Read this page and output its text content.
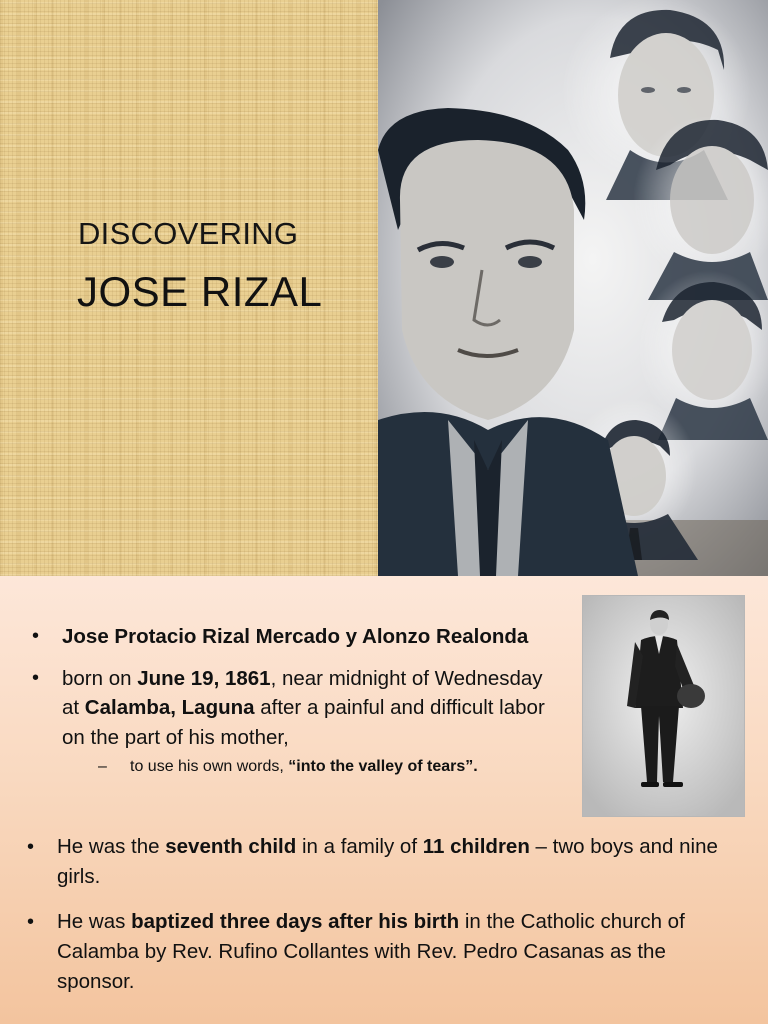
DISCOVERING
JOSE RIZAL
• Jose Protacio Rizal Mercado y Alonzo Realonda
• born on June 19, 1861, near midnight of Wednesday at Calamba, Laguna after a painful and difficult labor on the part of his mother,
– to use his own words, “into the valley of tears”.
• He was the seventh child in a family of 11 children – two boys and nine girls.
• He was baptized three days after his birth in the Catholic church of Calamba by Rev. Rufino Collantes with Rev. Pedro Casanas as the sponsor.
